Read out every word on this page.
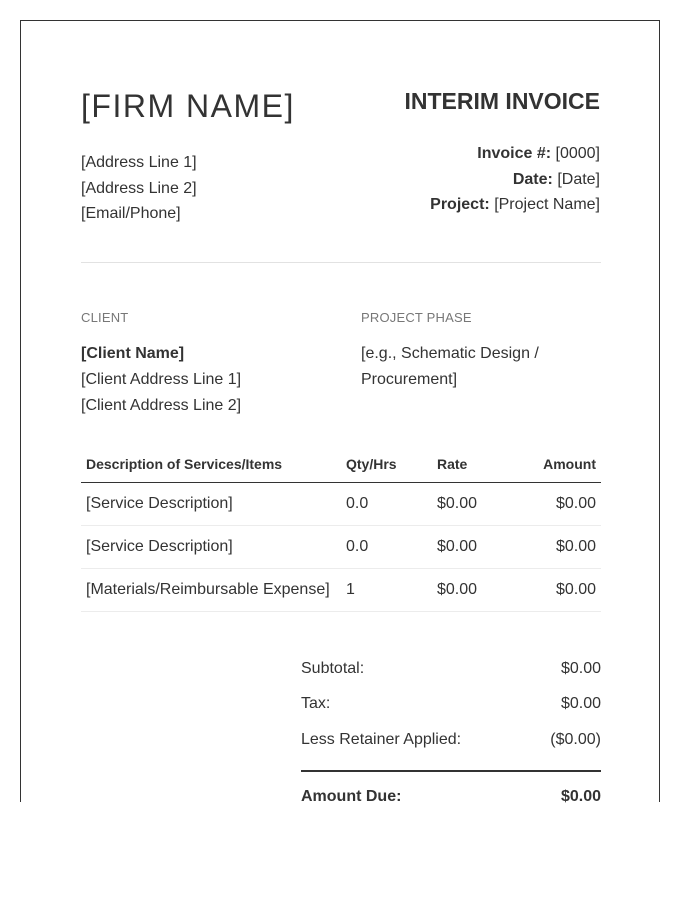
[FIRM NAME]	INTERIM INVOICE
[Address Line 1]
[Address Line 2]
[Email/Phone]
Invoice #: [0000]
Date: [Date]
Project: [Project Name]
CLIENT
[Client Name]
[Client Address Line 1]
[Client Address Line 2]
PROJECT PHASE
[e.g., Schematic Design / Procurement]
Description of Services/Items	Qty/Hrs	Rate	Amount
[Service Description]	0.0	$0.00	$0.00
[Service Description]	0.0	$0.00	$0.00
[Materials/Reimbursable Expense]	1	$0.00	$0.00
Subtotal:	$0.00
Tax:	$0.00
Less Retainer Applied:	($0.00)
Amount Due:	$0.00
